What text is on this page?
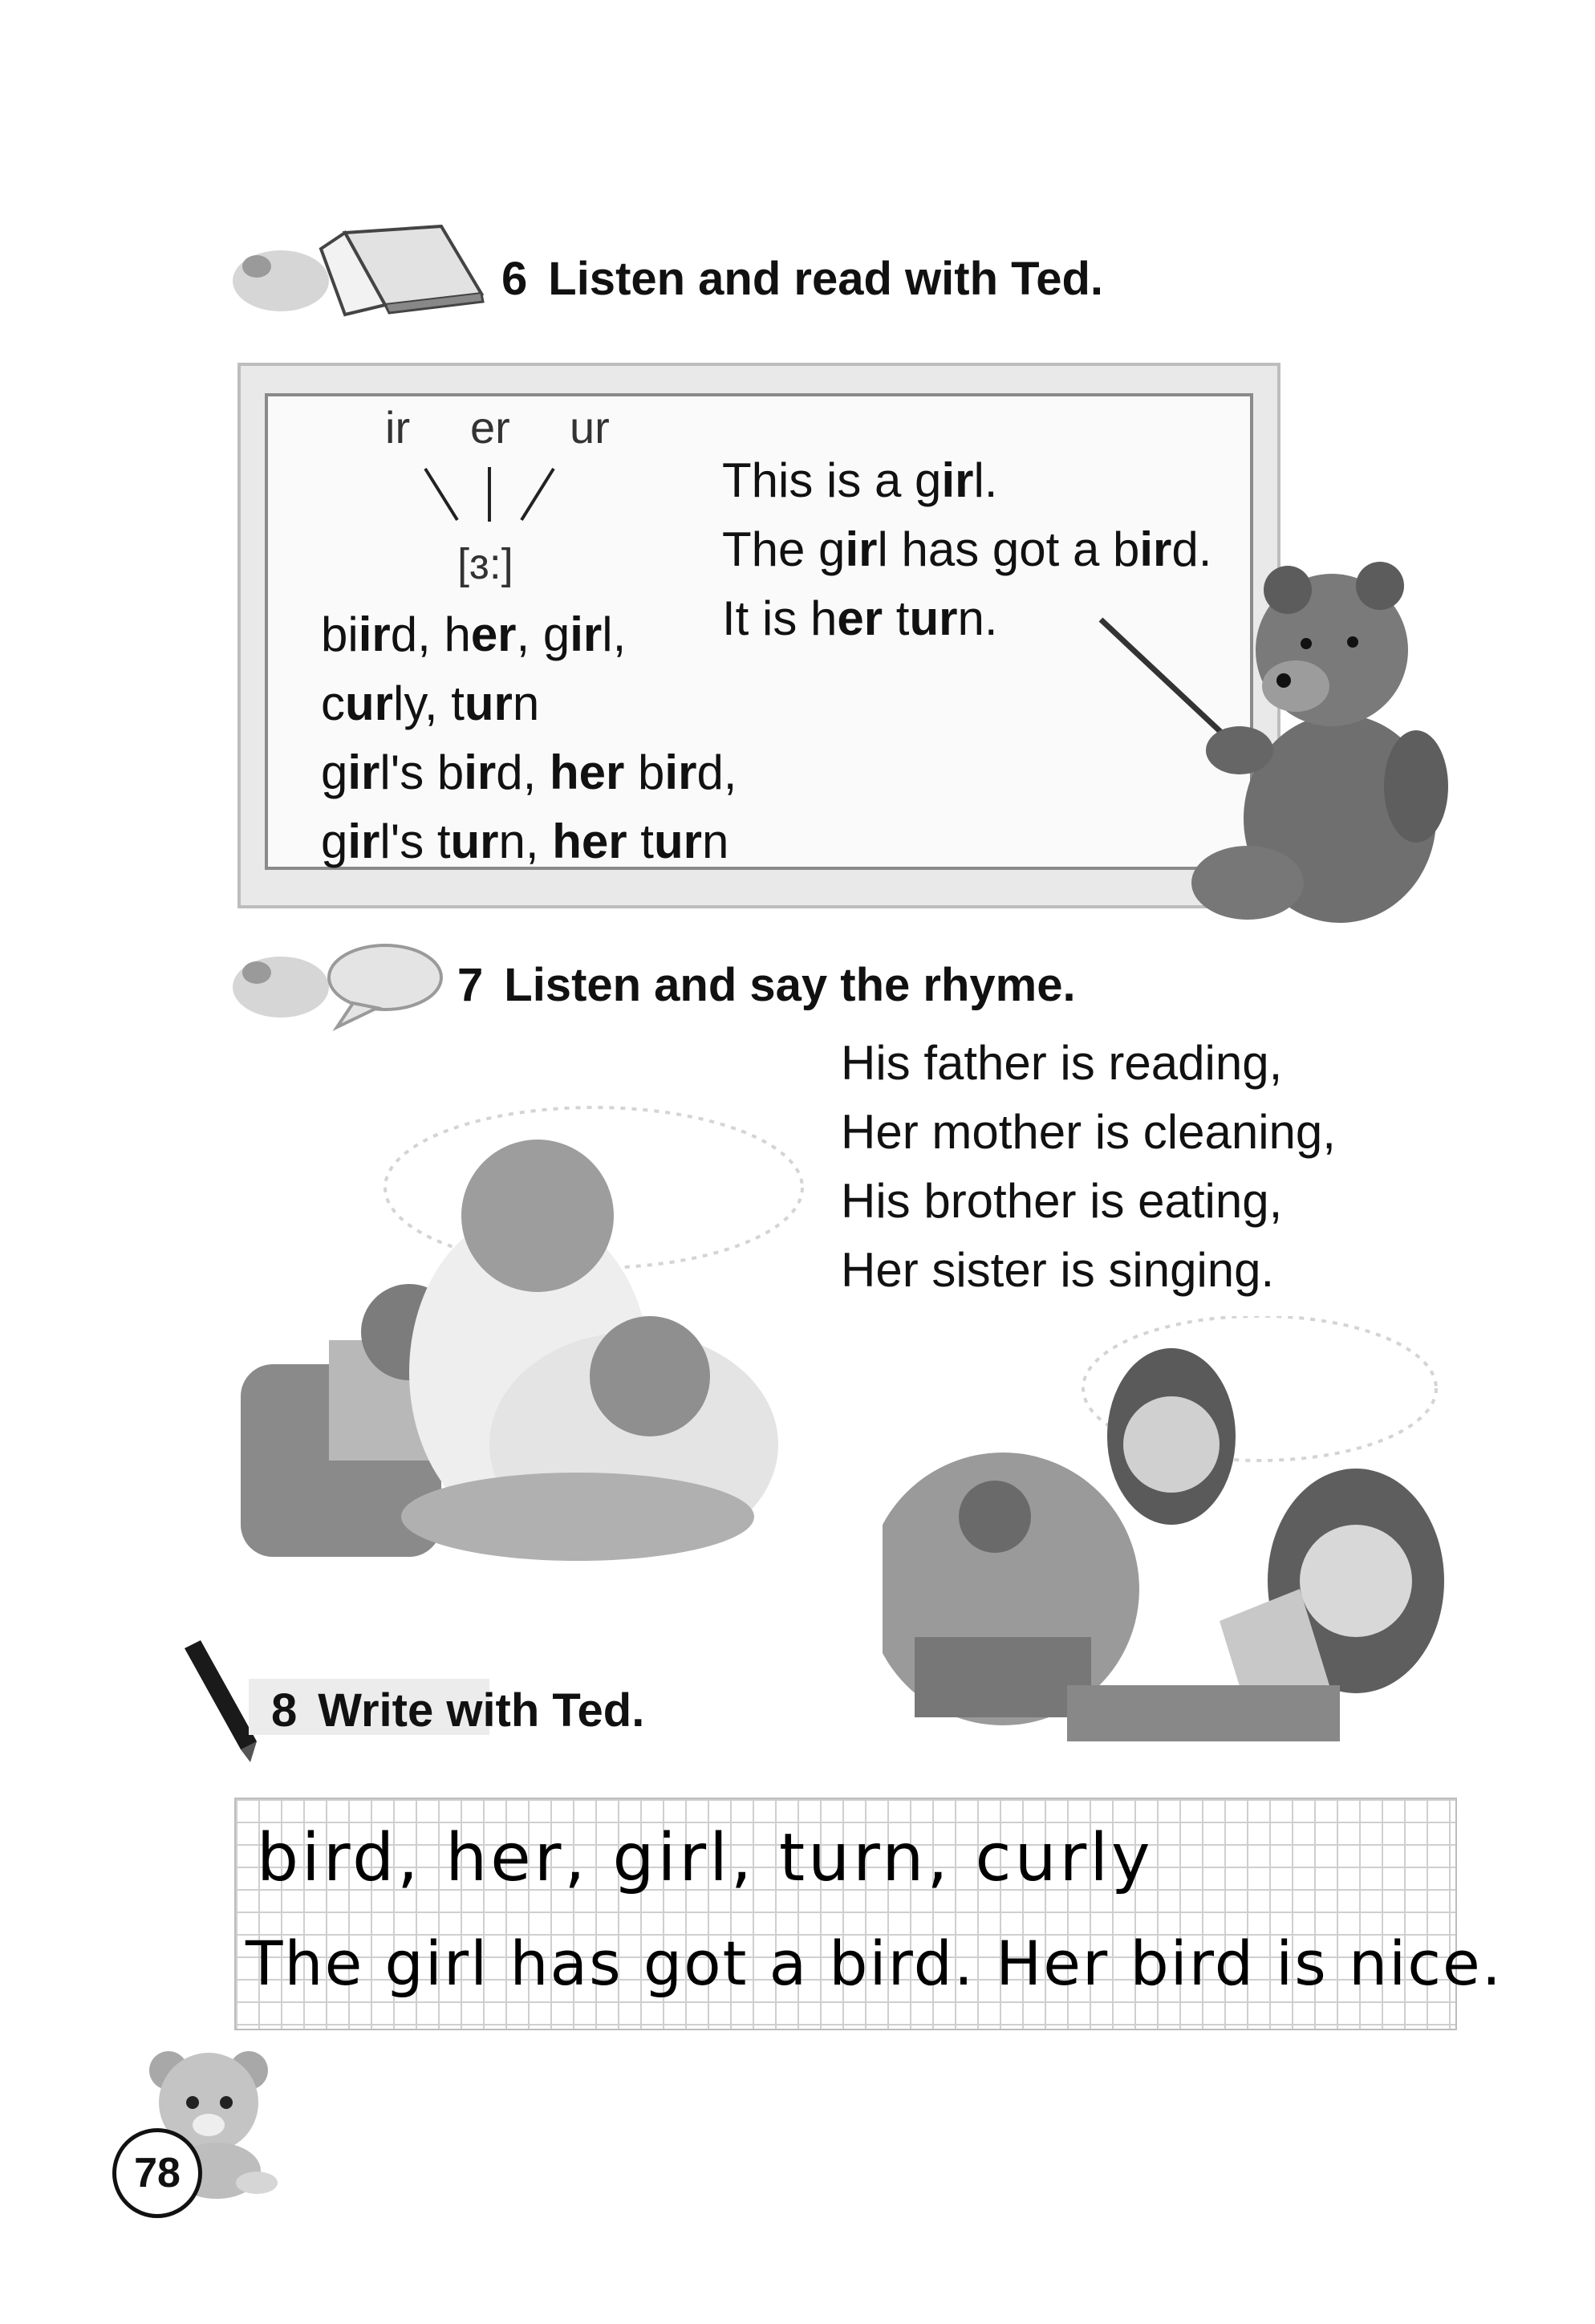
6 Listen and read with Ted.
ir er ur
[ɜ:]
biird, her, girl,
curly, turn
girl's bird, her bird,
girl's turn, her turn
This is a girl.
The girl has got a bird.
It is her turn.
7 Listen and say the rhyme.
His father is reading,
Her mother is cleaning,
His brother is eating,
Her sister is singing.
8 Write with Ted.
bird, her, girl, turn, curly
The girl has got a bird. Her bird is nice.
78
